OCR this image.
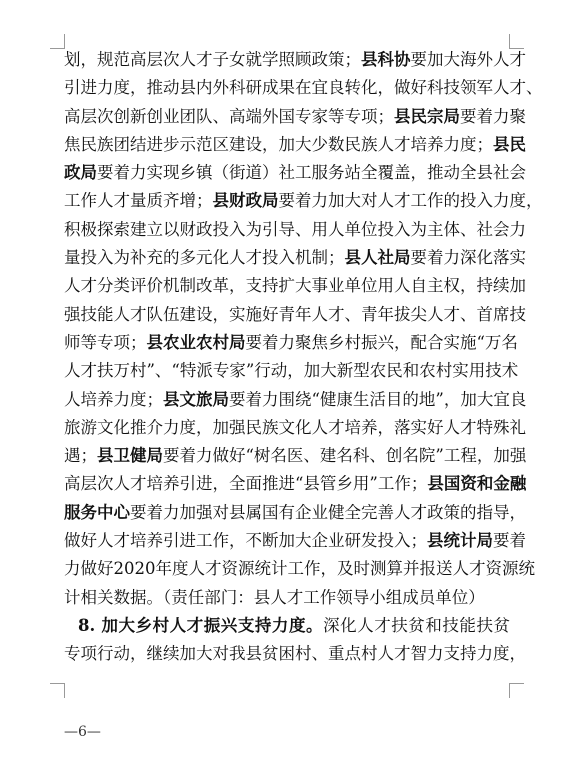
划，规范高层次人才子女就学照顾政策；县科协要加大海外人才
引进力度，推动县内外科研成果在宜良转化，做好科技领军人才、
高层次创新创业团队、高端外国专家等专项；县民宗局要着力聚
焦民族团结进步示范区建设，加大少数民族人才培养力度；县民
政局要着力实现乡镇（街道）社工服务站全覆盖，推动全县社会
工作人才量质齐增；县财政局要着力加大对人才工作的投入力度，
积极探索建立以财政投入为引导、用人单位投入为主体、社会力
量投入为补充的多元化人才投入机制；县人社局要着力深化落实
人才分类评价机制改革，支持扩大事业单位用人自主权，持续加
强技能人才队伍建设，实施好青年人才、青年拔尖人才、首席技
师等专项；县农业农村局要着力聚焦乡村振兴，配合实施“万名
人才扶万村”、“特派专家”行动，加大新型农民和农村实用技术
人培养力度；县文旅局要着力围绕“健康生活目的地”，加大宜良
旅游文化推介力度，加强民族文化人才培养，落实好人才特殊礼
遇；县卫健局要着力做好“树名医、建名科、创名院”工程，加强
高层次人才培养引进，全面推进“县管乡用”工作；县国资和金融
服务中心要着力加强对县属国有企业健全完善人才政策的指导，
做好人才培养引进工作，不断加大企业研发投入；县统计局要着
力做好2020年度人才资源统计工作，及时测算并报送人才资源统
计相关数据。（责任部门：县人才工作领导小组成员单位）
8. 加大乡村人才振兴支持力度。深化人才扶贫和技能扶贫
专项行动，继续加大对我县贫困村、重点村人才智力支持力度，
—6—
